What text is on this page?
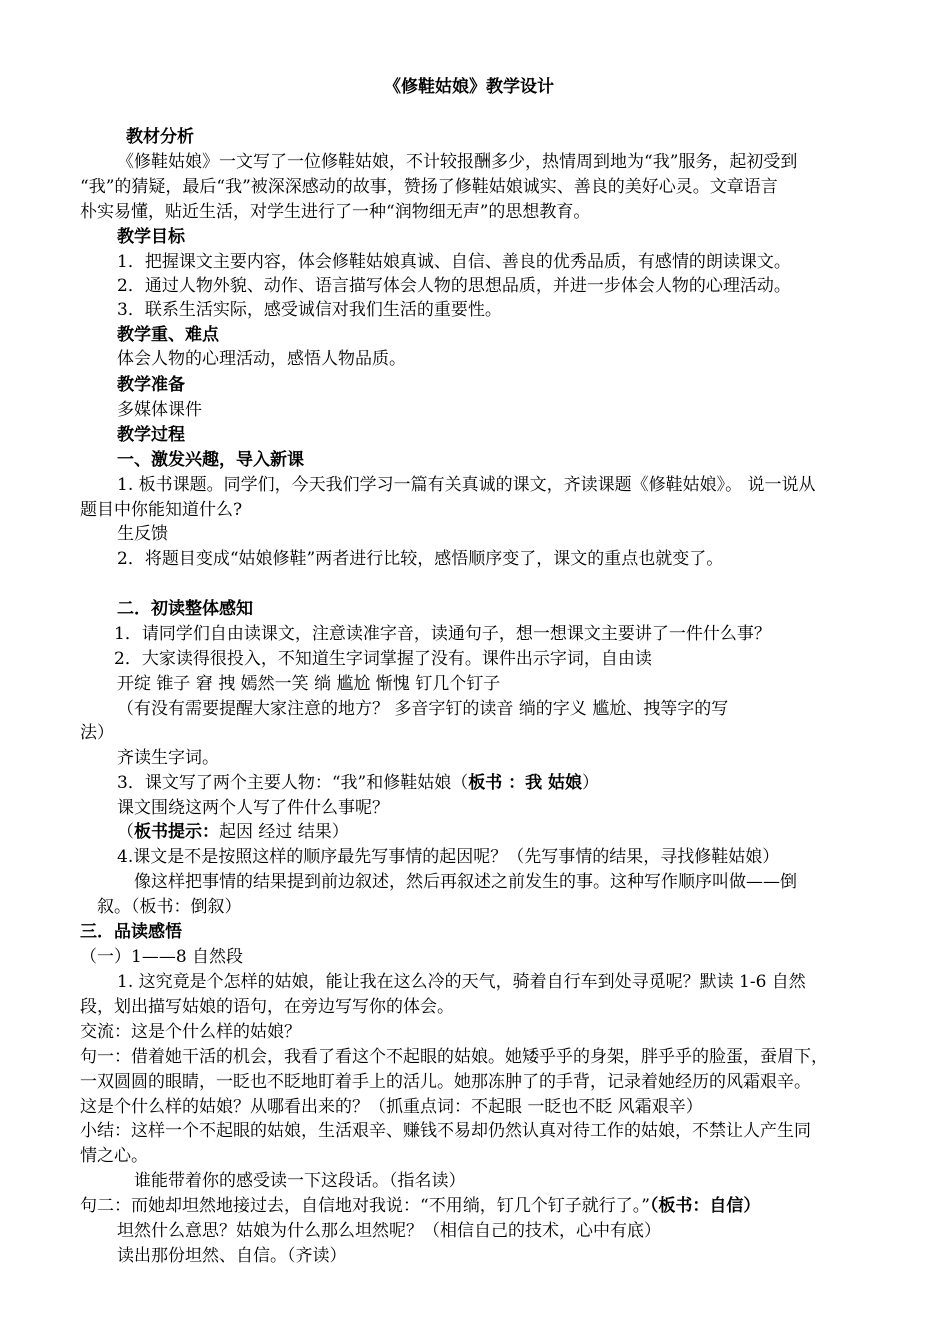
《修鞋姑娘》教学设计
教材分析
《修鞋姑娘》一文写了一位修鞋姑娘，不计较报酬多少，热情周到地为“我”服务，起初受到
“我”的猜疑，最后“我”被深深感动的故事，赞扬了修鞋姑娘诚实、善良的美好心灵。文章语言
朴实易懂，贴近生活，对学生进行了一种“润物细无声”的思想教育。
教学目标
1．把握课文主要内容，体会修鞋姑娘真诚、自信、善良的优秀品质，有感情的朗读课文。
2．通过人物外貌、动作、语言描写体会人物的思想品质，并进一步体会人物的心理活动。
3．联系生活实际，感受诚信对我们生活的重要性。
教学重、难点
体会人物的心理活动，感悟人物品质。
教学准备
多媒体课件
教学过程
一、激发兴趣，导入新课
1. 板书课题。同学们，今天我们学习一篇有关真诚的课文，齐读课题《修鞋姑娘》。 说一说从
题目中你能知道什么?
生反馈
2．将题目变成“姑娘修鞋”两者进行比较，感悟顺序变了，课文的重点也就变了。
二．初读整体感知
1．请同学们自由读课文，注意读准字音，读通句子，想一想课文主要讲了一件什么事？
2．大家读得很投入，不知道生字词掌握了没有。课件出示字词，自由读
开绽 锥子 窘 拽 嫣然一笑 绱 尴尬 惭愧 钉几个钉子
（有没有需要提醒大家注意的地方？ 多音字钉的读音 绱的字义 尴尬、拽等字的写
法）
齐读生字词。
3．课文写了两个主要人物：“我”和修鞋姑娘（板书 ：我 姑娘）
课文围绕这两个人写了件什么事呢？
（板书提示：起因 经过 结果）
4.课文是不是按照这样的顺序最先写事情的起因呢？（先写事情的结果，寻找修鞋姑娘）
像这样把事情的结果提到前边叙述，然后再叙述之前发生的事。这种写作顺序叫做——倒
叙。（板书：倒叙）
三．品读感悟
（一）1——8 自然段
1. 这究竟是个怎样的姑娘，能让我在这么冷的天气，骑着自行车到处寻觅呢？默读 1-6 自然
段，划出描写姑娘的语句，在旁边写写你的体会。
交流：这是个什么样的姑娘？
句一：借着她干活的机会，我看了看这个不起眼的姑娘。她矮乎乎的身架，胖乎乎的脸蛋，蚕眉下，
一双圆圆的眼睛，一眨也不眨地盯着手上的活儿。她那冻肿了的手背，记录着她经历的风霜艰辛。
这是个什么样的姑娘？从哪看出来的？（抓重点词：不起眼 一眨也不眨 风霜艰辛）
小结：这样一个不起眼的姑娘，生活艰辛、赚钱不易却仍然认真对待工作的姑娘，不禁让人产生同
情之心。
谁能带着你的感受读一下这段话。（指名读）
句二：而她却坦然地接过去，自信地对我说：“不用绱，钉几个钉子就行了。”（板书：自信）
坦然什么意思？姑娘为什么那么坦然呢？（相信自己的技术，心中有底）
读出那份坦然、自信。（齐读）
